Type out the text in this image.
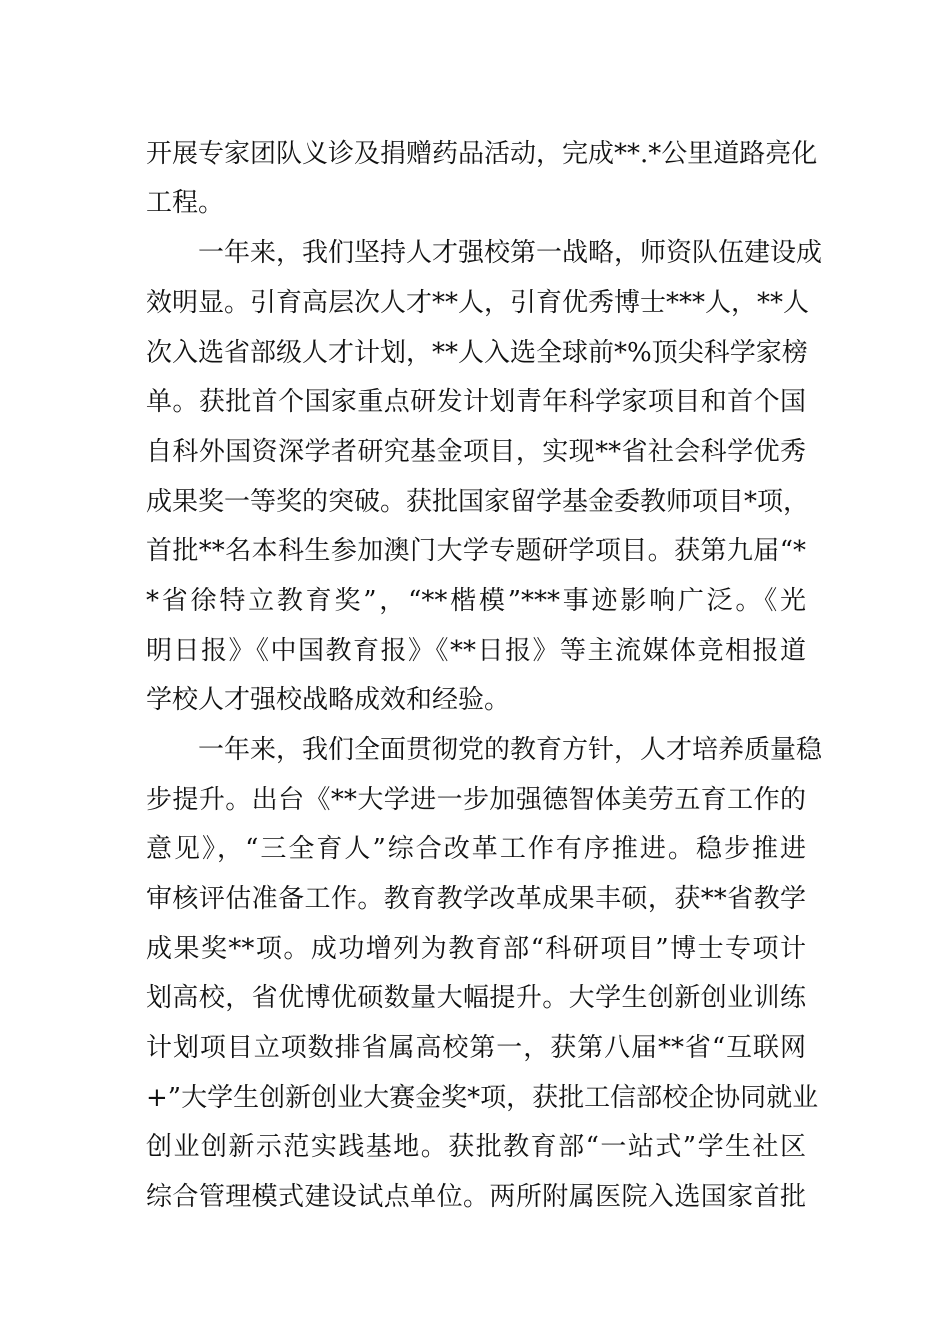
开展专家团队义诊及捐赠药品活动，完成**.*公里道路亮化
工程。
一年来，我们坚持人才强校第一战略，师资队伍建设成
效明显。引育高层次人才**人，引育优秀博士***人，**人
次入选省部级人才计划，**人入选全球前*%顶尖科学家榜
单。获批首个国家重点研发计划青年科学家项目和首个国
自科外国资深学者研究基金项目，实现**省社会科学优秀
成果奖一等奖的突破。获批国家留学基金委教师项目*项，
首批**名本科生参加澳门大学专题研学项目。获第九届“*
*省徐特立教育奖”，“**楷模”***事迹影响广泛。《光
明日报》《中国教育报》《**日报》等主流媒体竞相报道
学校人才强校战略成效和经验。
一年来，我们全面贯彻党的教育方针，人才培养质量稳
步提升。出台《**大学进一步加强德智体美劳五育工作的
意见》，“三全育人”综合改革工作有序推进。稳步推进
审核评估准备工作。教育教学改革成果丰硕，获**省教学
成果奖**项。成功增列为教育部“科研项目”博士专项计
划高校，省优博优硕数量大幅提升。大学生创新创业训练
计划项目立项数排省属高校第一，获第八届**省“互联网
+”大学生创新创业大赛金奖*项，获批工信部校企协同就业
创业创新示范实践基地。获批教育部“一站式”学生社区
综合管理模式建设试点单位。两所附属医院入选国家首批
